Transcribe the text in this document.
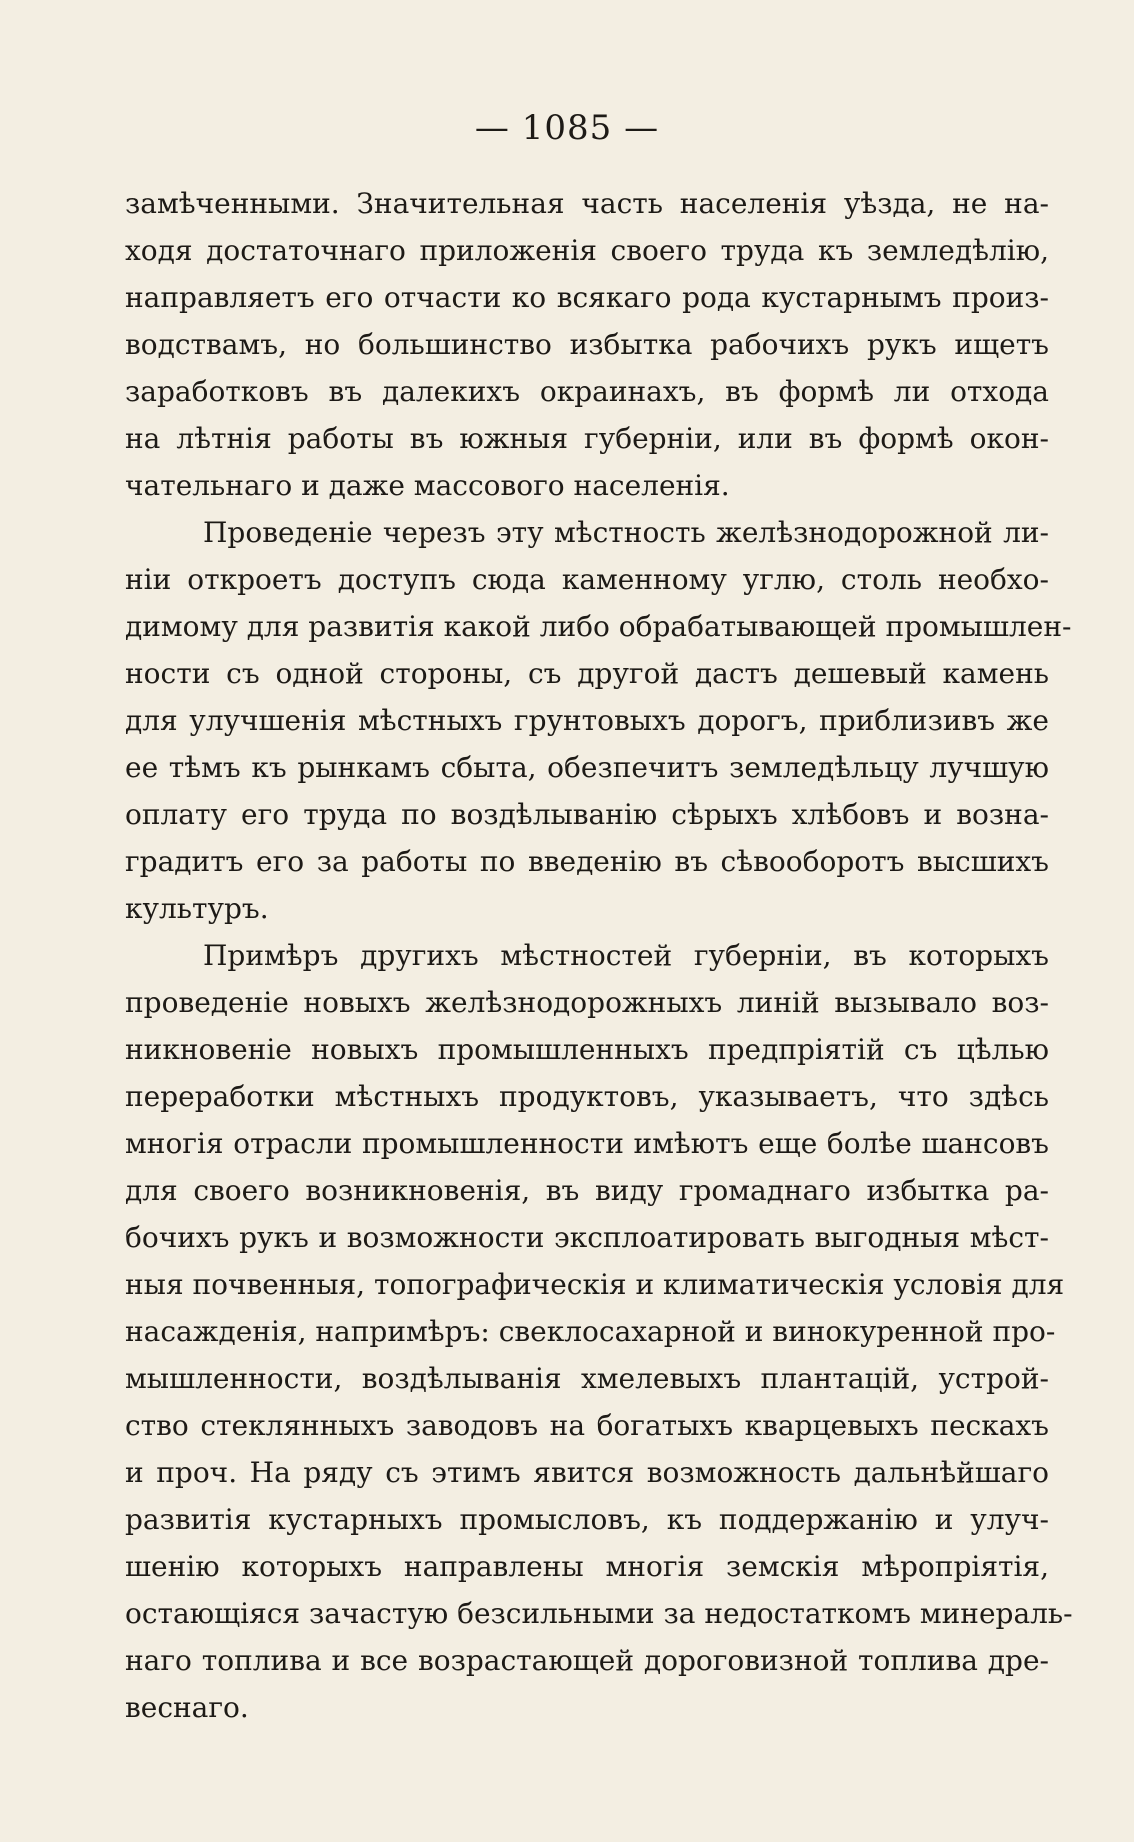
— 1085 —
замѣченными. Значительная часть населенія уѣзда, не на-
ходя достаточнаго приложенія своего труда къ земледѣлію,
направляетъ его отчасти ко всякаго рода кустарнымъ произ-
водствамъ, но большинство избытка рабочихъ рукъ ищетъ
заработковъ въ далекихъ окраинахъ, въ формѣ ли отхода
на лѣтнія работы въ южныя губерніи, или въ формѣ окон-
чательнаго и даже массового населенія.
Проведеніе черезъ эту мѣстность желѣзнодорожной ли-
ніи откроетъ доступъ сюда каменному углю, столь необхо-
димому для развитія какой либо обрабатывающей промышлен-
ности съ одной стороны, съ другой дастъ дешевый камень
для улучшенія мѣстныхъ грунтовыхъ дорогъ, приблизивъ же
ее тѣмъ къ рынкамъ сбыта, обезпечитъ земледѣльцу лучшую
оплату его труда по воздѣлыванію сѣрыхъ хлѣбовъ и возна-
градитъ его за работы по введенію въ сѣвооборотъ высшихъ
культуръ.
Примѣръ другихъ мѣстностей губерніи, въ которыхъ
проведеніе новыхъ желѣзнодорожныхъ линій вызывало воз-
никновеніе новыхъ промышленныхъ предпріятій съ цѣлью
переработки мѣстныхъ продуктовъ, указываетъ, что здѣсь
многія отрасли промышленности имѣютъ еще болѣе шансовъ
для своего возникновенія, въ виду громаднаго избытка ра-
бочихъ рукъ и возможности эксплоатировать выгодныя мѣст-
ныя почвенныя, топографическія и климатическія условія для
насажденія, напримѣръ: свеклосахарной и винокуренной про-
мышленности, воздѣлыванія хмелевыхъ плантацій, устрой-
ство стеклянныхъ заводовъ на богатыхъ кварцевыхъ пескахъ
и проч. На ряду съ этимъ явится возможность дальнѣйшаго
развитія кустарныхъ промысловъ, къ поддержанію и улуч-
шенію которыхъ направлены многія земскія мѣропріятія,
остающіяся зачастую безсильными за недостаткомъ минераль-
наго топлива и все возрастающей дороговизной топлива дре-
веснаго.
